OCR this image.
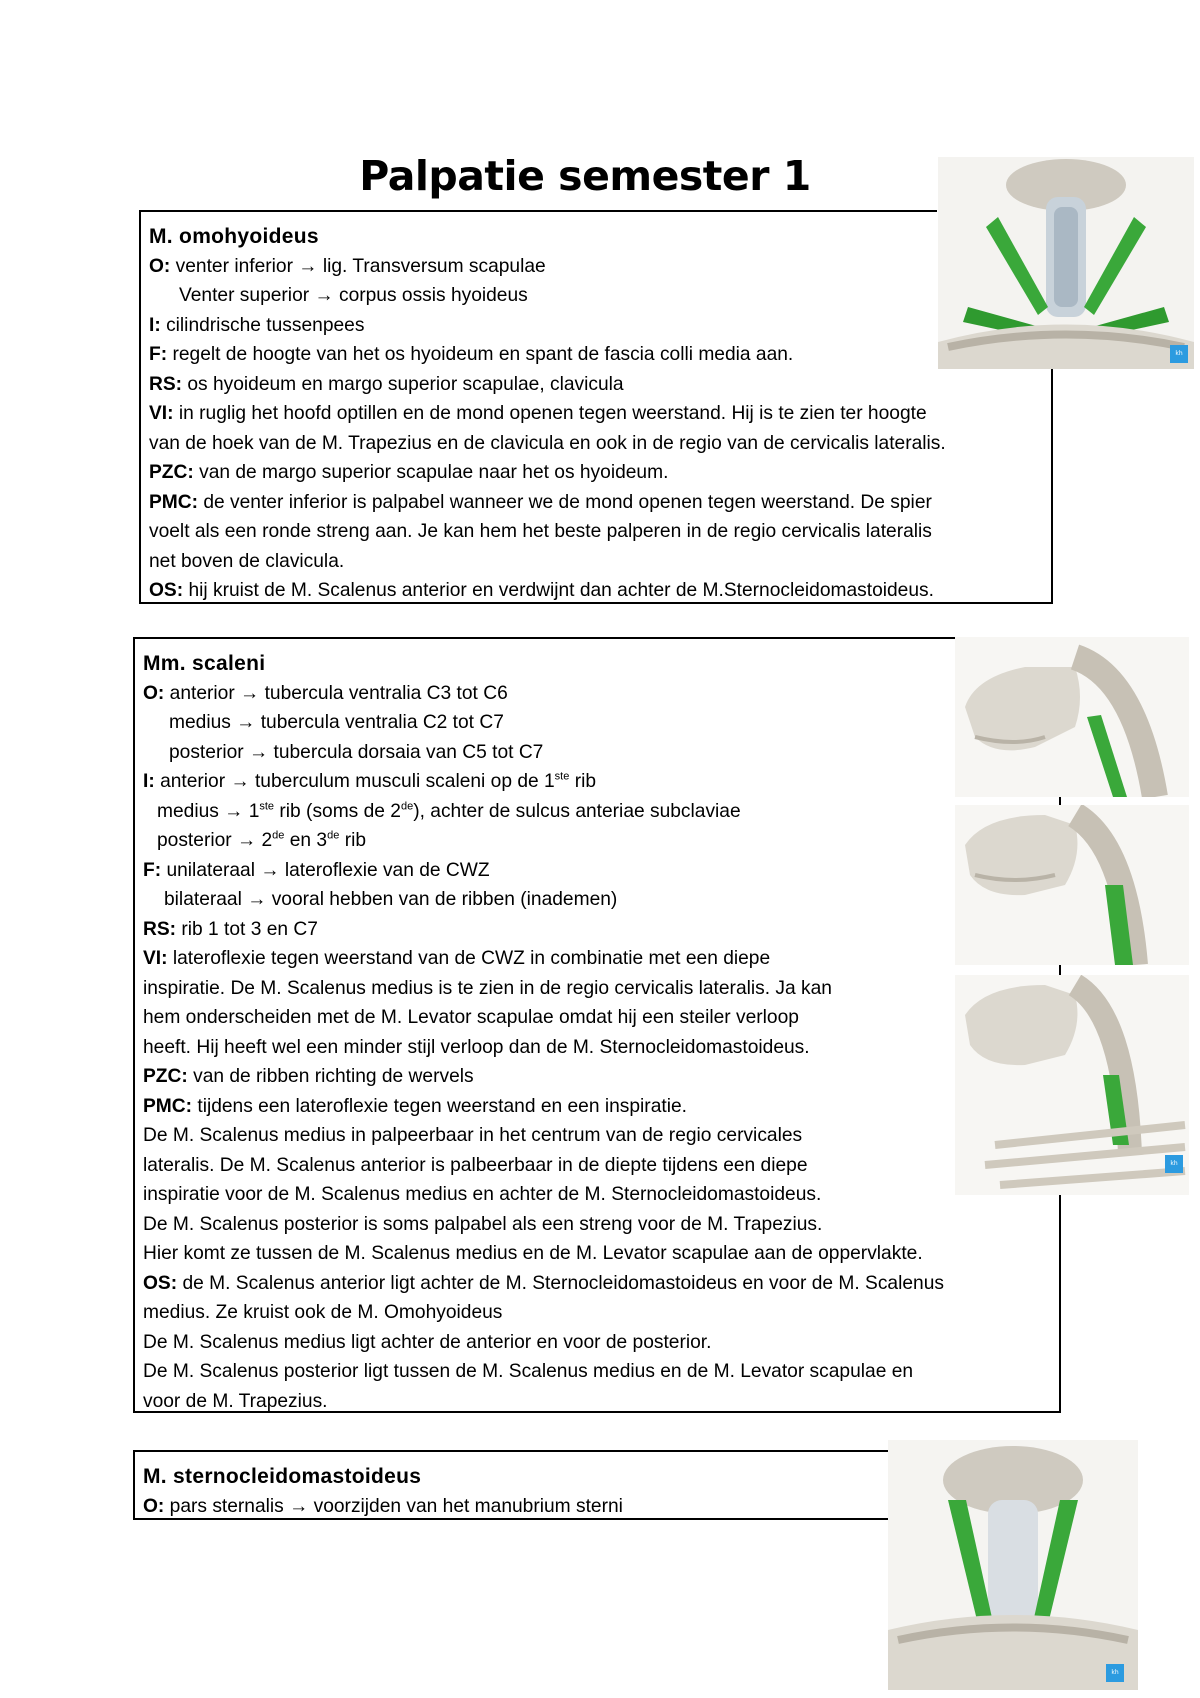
Palpatie semester 1
M. omohyoideus
O: venter inferior → lig. Transversum scapulae
Venter superior → corpus ossis hyoideus
I: cilindrische tussenpees
F: regelt de hoogte van het os hyoideum en spant de fascia colli media aan.
RS: os hyoideum en margo superior scapulae, clavicula
VI: in ruglig het hoofd optillen en de mond openen tegen weerstand. Hij is te zien ter hoogte
van de hoek van de M. Trapezius en de clavicula en ook in de regio van de cervicalis lateralis.
PZC: van de margo superior scapulae naar het os hyoideum.
PMC: de venter inferior is palpabel wanneer we de mond openen tegen weerstand. De spier
voelt als een ronde streng aan. Je kan hem het beste palperen in de regio cervicalis lateralis
net boven de clavicula.
OS: hij kruist de M. Scalenus anterior en verdwijnt dan achter de M.Sternocleidomastoideus.
Mm. scaleni
O: anterior → tubercula ventralia C3 tot C6
medius → tubercula ventralia C2 tot C7
posterior → tubercula dorsaia van C5 tot C7
I: anterior → tuberculum musculi scaleni op de 1ste rib
medius → 1ste rib (soms de 2de), achter de sulcus anteriae subclaviae
posterior → 2de en 3de rib
F: unilateraal → lateroflexie van de CWZ
bilateraal → vooral hebben van de ribben (inademen)
RS: rib 1 tot 3 en C7
VI: lateroflexie tegen weerstand van de CWZ in combinatie met een diepe
inspiratie. De M. Scalenus medius is te zien in de regio cervicalis lateralis. Ja kan
hem onderscheiden met de M. Levator scapulae omdat hij een steiler verloop
heeft. Hij heeft wel een minder stijl verloop dan de M. Sternocleidomastoideus.
PZC: van de ribben richting de wervels
PMC: tijdens een lateroflexie tegen weerstand en een inspiratie.
De M. Scalenus medius in palpeerbaar in het centrum van de regio cervicales
lateralis. De M. Scalenus anterior is palbeerbaar in de diepte tijdens een diepe
inspiratie voor de M. Scalenus medius en achter de M. Sternocleidomastoideus.
De M. Scalenus posterior is soms palpabel als een streng voor de M. Trapezius.
Hier komt ze tussen de M. Scalenus medius en de M. Levator scapulae aan de oppervlakte.
OS: de M. Scalenus anterior ligt achter de M. Sternocleidomastoideus en voor de M. Scalenus
medius. Ze kruist ook de M. Omohyoideus
De M. Scalenus medius ligt achter de anterior en voor de posterior.
De M. Scalenus posterior ligt tussen de M. Scalenus medius en de M. Levator scapulae en
voor de M. Trapezius.
M. sternocleidomastoideus
O: pars sternalis → voorzijden van het manubrium sterni
kh
kh
kh
